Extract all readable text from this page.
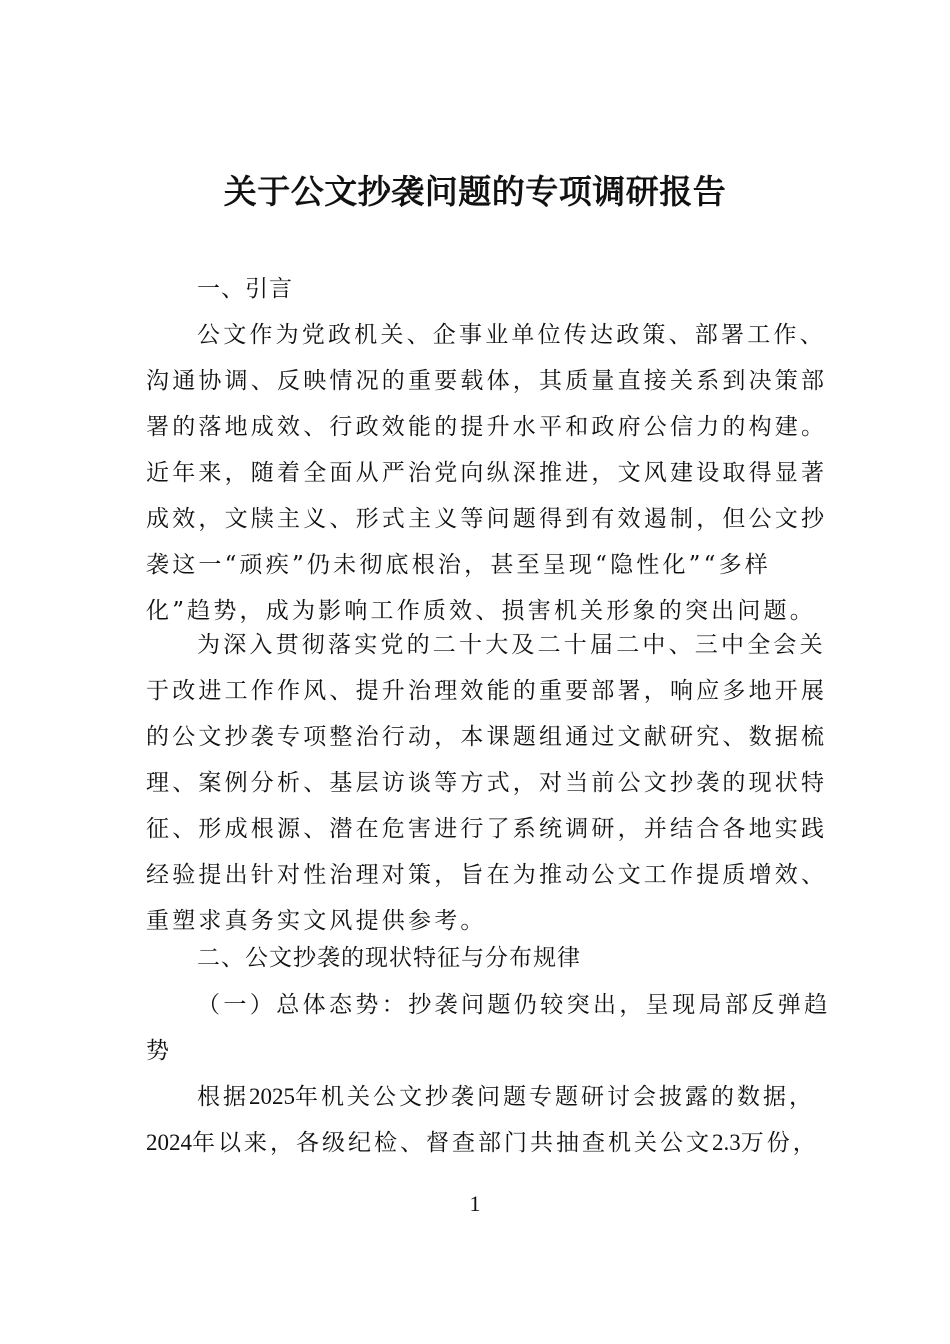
关于公文抄袭问题的专项调研报告
一、引言
公文作为党政机关、企事业单位传达政策、部署工作、
沟通协调、反映情况的重要载体，其质量直接关系到决策部
署的落地成效、行政效能的提升水平和政府公信力的构建。
近年来，随着全面从严治党向纵深推进，文风建设取得显著
成效，文牍主义、形式主义等问题得到有效遏制，但公文抄
袭这一“顽疾”仍未彻底根治，甚至呈现“隐性化”“多样
化”趋势，成为影响工作质效、损害机关形象的突出问题。
为深入贯彻落实党的二十大及二十届二中、三中全会关
于改进工作作风、提升治理效能的重要部署，响应多地开展
的公文抄袭专项整治行动，本课题组通过文献研究、数据梳
理、案例分析、基层访谈等方式，对当前公文抄袭的现状特
征、形成根源、潜在危害进行了系统调研，并结合各地实践
经验提出针对性治理对策，旨在为推动公文工作提质增效、
重塑求真务实文风提供参考。
二、公文抄袭的现状特征与分布规律
（一）总体态势：抄袭问题仍较突出，呈现局部反弹趋
势
根据2025年机关公文抄袭问题专题研讨会披露的数据，
2024年以来，各级纪检、督查部门共抽查机关公文2.3万份，
1
